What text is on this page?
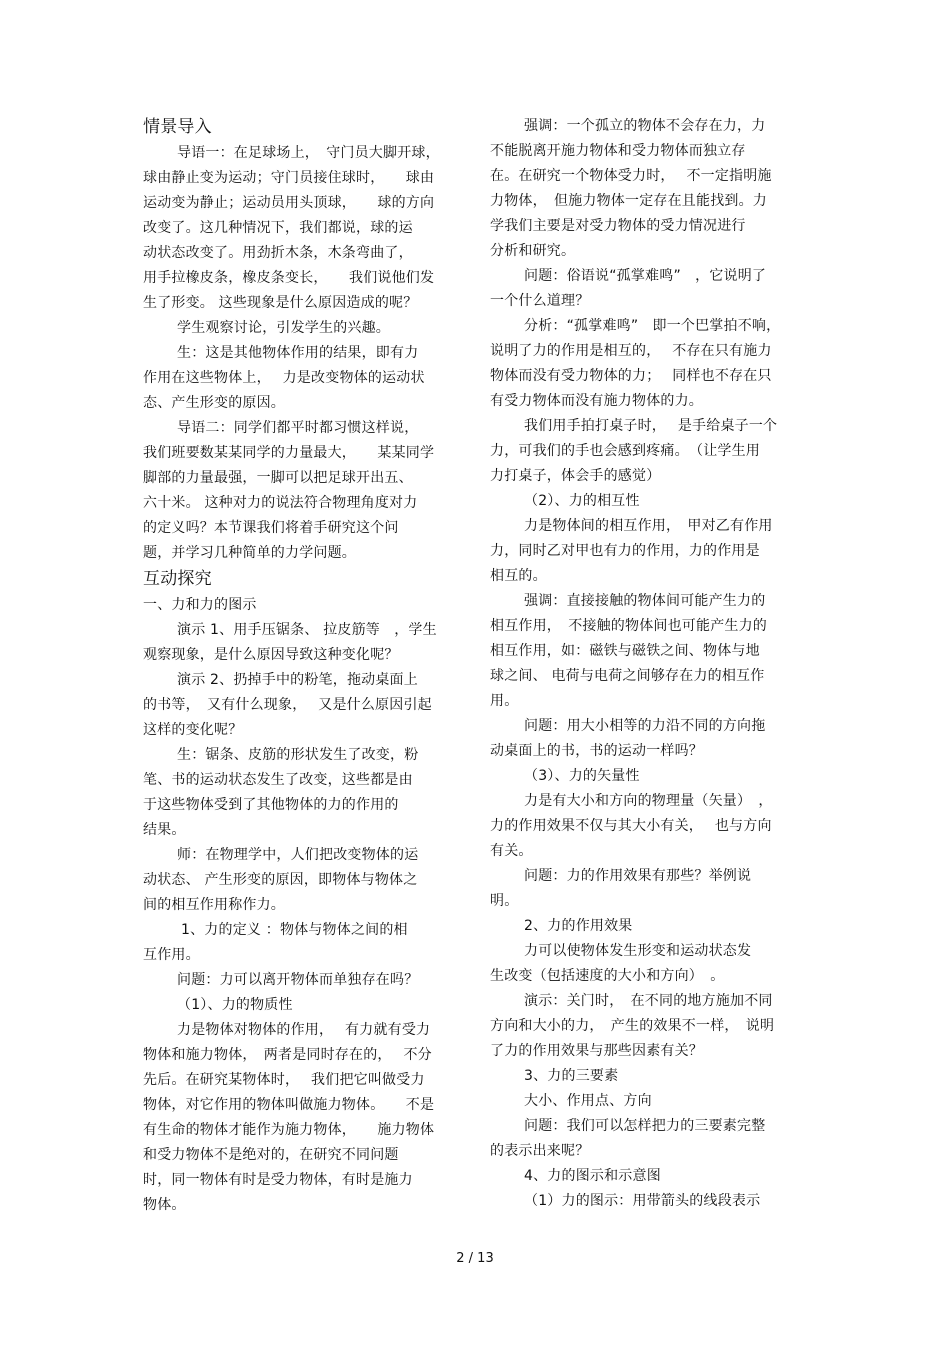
情景导入
导语一：在足球场上，　守门员大脚开球，
球由静止变为运动；守门员接住球时，　　球由
运动变为静止；运动员用头顶球，　　球的方向
改变了。这几种情况下，我们都说，球的运
动状态改变了。用劲折木条，木条弯曲了，
用手拉橡皮条，橡皮条变长，　　我们说他们发
生了形变。 这些现象是什么原因造成的呢？
学生观察讨论，引发学生的兴趣。
生：这是其他物体作用的结果，即有力
作用在这些物体上，　 力是改变物体的运动状
态、产生形变的原因。
导语二：同学们都平时都习惯这样说，
我们班要数某某同学的力量最大，　　某某同学
脚部的力量最强，一脚可以把足球开出五、
六十米。 这种对力的说法符合物理角度对力
的定义吗？本节课我们将着手研究这个问
题，并学习几种简单的力学问题。
互动探究
一、力和力的图示
演示 1、用手压锯条、 拉皮筋等　，学生
观察现象，是什么原因导致这种变化呢？
演示 2、扔掉手中的粉笔，拖动桌面上
的书等，　又有什么现象，　 又是什么原因引起
这样的变化呢？
生：锯条、皮筋的形状发生了改变，粉
笔、书的运动状态发生了改变，这些都是由
于这些物体受到了其他物体的力的作用的
结果。
师：在物理学中，人们把改变物体的运
动状态、 产生形变的原因，即物体与物体之
间的相互作用称作力。
1、力的定义 ：物体与物体之间的相
互作用。
问题：力可以离开物体而单独存在吗？
（1）、力的物质性
力是物体对物体的作用，　 有力就有受力
物体和施力物体，　两者是同时存在的，　 不分
先后。在研究某物体时，　 我们把它叫做受力
物体，对它作用的物体叫做施力物体。　　不是
有生命的物体才能作为施力物体，　　施力物体
和受力物体不是绝对的，在研究不同问题
时，同一物体有时是受力物体，有时是施力
物体。
强调：一个孤立的物体不会存在力，力
不能脱离开施力物体和受力物体而独立存
在。在研究一个物体受力时，　 不一定指明施
力物体，　但施力物体一定存在且能找到。力
学我们主要是对受力物体的受力情况进行
分析和研究。
问题：俗语说“孤掌难鸣”　，它说明了
一个什么道理？
分析：“孤掌难鸣”　即一个巴掌拍不响，
说明了力的作用是相互的，　 不存在只有施力
物体而没有受力物体的力；　 同样也不存在只
有受力物体而没有施力物体的力。
我们用手拍打桌子时，　 是手给桌子一个
力，可我们的手也会感到疼痛。　（让学生用
力打桌子，体会手的感觉）
（2）、力的相互性
力是物体间的相互作用，　甲对乙有作用
力，同时乙对甲也有力的作用，力的作用是
相互的。
强调：直接接触的物体间可能产生力的
相互作用，　不接触的物体间也可能产生力的
相互作用，如：磁铁与磁铁之间、物体与地
球之间、 电荷与电荷之间够存在力的相互作
用。
问题：用大小相等的力沿不同的方向拖
动桌面上的书，书的运动一样吗？
（3）、力的矢量性
力是有大小和方向的物理量（矢量）　，
力的作用效果不仅与其大小有关，　 也与方向
有关。
问题：力的作用效果有那些？举例说
明。
2、力的作用效果
力可以使物体发生形变和运动状态发
生改变（包括速度的大小和方向）　。
演示：关门时，　在不同的地方施加不同
方向和大小的力，　产生的效果不一样，　说明
了力的作用效果与那些因素有关？
3、力的三要素
大小、作用点、方向
问题：我们可以怎样把力的三要素完整
的表示出来呢？
4、力的图示和示意图
（1）力的图示：用带箭头的线段表示
2 / 13
